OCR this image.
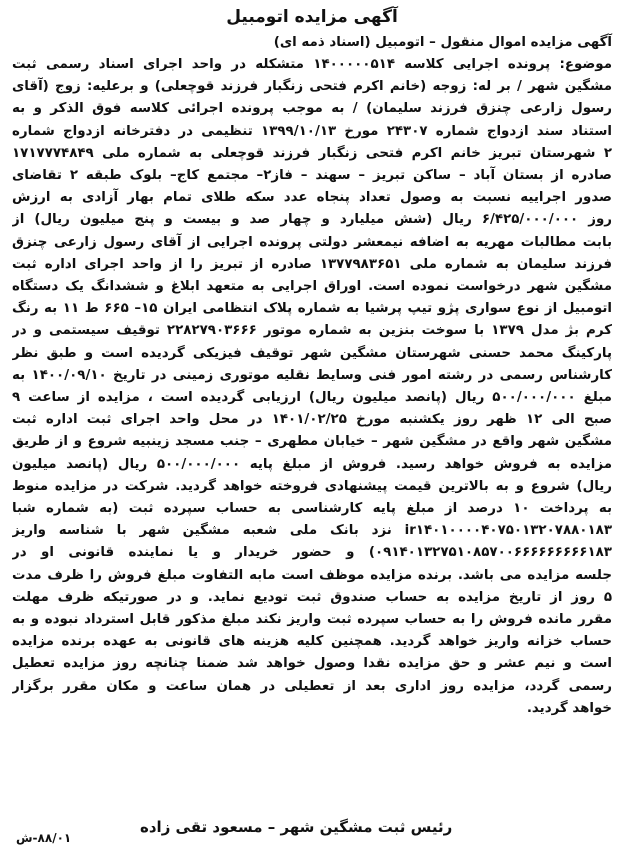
آگهی مزایده اتومبیل
آگهی مزایده اموال منقول – اتومبیل (اسناد ذمه ای)
موضوع: پرونده اجرایی کلاسه ۱۴۰۰۰۰۰۵۱۴ متشکله در واحد اجرای اسناد رسمی ثبت
مشگین شهر / بر له: زوجه (خانم اکرم فتحی زنگبار فرزند قوچعلی) و برعلیه: زوج (آقای
رسول زارعی چنزق فرزند سلیمان) / به موجب پرونده اجرائی کلاسه فوق الذکر و به
استناد سند ازدواج شماره ۲۴۳۰۷ مورخ ۱۳۹۹/۱۰/۱۳ تنظیمی در دفترخانه ازدواج شماره
۲ شهرستان تبریز خانم اکرم فتحی زنگبار فرزند قوچعلی به شماره ملی ۱۷۱۷۷۷۴۸۴۹
صادره از بستان آباد – ساکن تبریز – سهند – فاز۲– مجتمع کاج– بلوک طبقه ۲ تقاضای
صدور اجراییه نسبت به وصول تعداد پنجاه عدد سکه طلای تمام بهار آزادی به ارزش
روز ۶/۴۲۵/۰۰۰/۰۰۰ ریال (شش میلیارد و چهار صد و بیست و پنج میلیون ریال) از
بابت مطالبات مهریه به اضافه نیمعشر دولتی پرونده اجرایی از آقای رسول زارعی چنزق
فرزند سلیمان به شماره ملی ۱۳۷۷۹۸۳۶۵۱ صادره از تبریز را از واحد اجرای اداره ثبت
مشگین شهر درخواست نموده است. اوراق اجرایی به متعهد ابلاغ و ششدانگ یک دستگاه
اتومبیل از نوع سواری پژو تیپ پرشیا به شماره پلاک انتظامی ایران ۱۵– ۶۶۵ ط ۱۱ به رنگ
کرم بژ مدل ۱۳۷۹ با سوخت بنزین به شماره موتور ۲۲۸۲۷۹۰۳۶۶۶ توقیف سیستمی و در
پارکینگ محمد حسنی شهرستان مشگین شهر توقیف فیزیکی گردیده است و طبق نظر
کارشناس رسمی در رشته امور فنی وسایط نقلیه موتوری زمینی در تاریخ ۱۴۰۰/۰۹/۱۰ به
مبلغ ۵۰۰/۰۰۰/۰۰۰ ریال (پانصد میلیون ریال) ارزیابی گردیده است ، مزایده از ساعت ۹
صبح الی ۱۲ ظهر روز یکشنبه مورخ ۱۴۰۱/۰۲/۲۵ در محل واحد اجرای ثبت اداره ثبت
مشگین شهر واقع در مشگین شهر – خیابان مطهری – جنب مسجد زینبیه شروع و از طریق
مزایده به فروش خواهد رسید. فروش از مبلغ پایه ۵۰۰/۰۰۰/۰۰۰ ریال (پانصد میلیون
ریال) شروع و به بالاترین قیمت پیشنهادی فروخته خواهد گردید. شرکت در مزایده منوط
به پرداخت ۱۰ درصد از مبلغ پایه کارشناسی به حساب سپرده ثبت (به شماره شبا
ir۱۴۰۱۰۰۰۰۴۰۷۵۰۱۳۲۰۷۸۸۰۱۸۳ نزد بانک ملی شعبه مشگین شهر با شناسه واریز
۰۹۱۴۰۱۳۲۷۵۱۰۸۵۷۰۰۶۶۶۶۶۶۶۶۶۱۸۳) و حضور خریدار و یا نماینده قانونی او در
جلسه مزایده می باشد. برنده مزایده موظف است مابه التفاوت مبلغ فروش را ظرف مدت
۵ روز از تاریخ مزایده به حساب صندوق ثبت تودیع نماید. و در صورتیکه ظرف مهلت
مقرر مانده فروش را به حساب سپرده ثبت واریز نکند مبلغ مذکور قابل استرداد نبوده و به
حساب خزانه واریز خواهد گردید. همچنین کلیه هزینه های قانونی به عهده برنده مزایده
است و نیم عشر و حق مزایده نقدا وصول خواهد شد ضمنا چنانچه روز مزایده تعطیل
رسمی گردد، مزایده روز اداری بعد از تعطیلی در همان ساعت و مکان مقرر برگزار
خواهد گردید.
رئیس ثبت مشگین شهر – مسعود تقی زاده
۸۸/۰۱-ش
